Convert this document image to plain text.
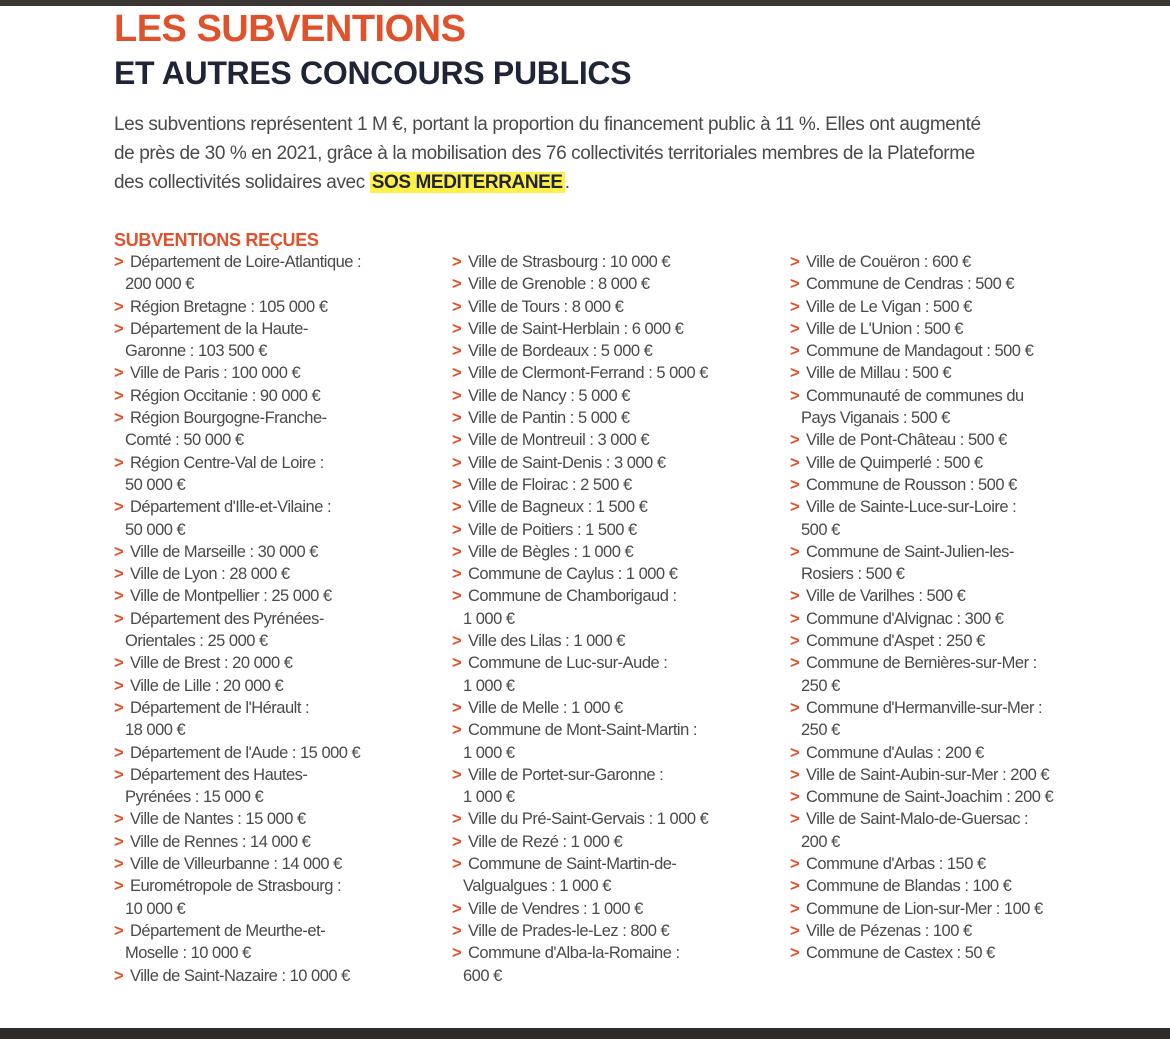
LES SUBVENTIONS
ET AUTRES CONCOURS PUBLICS
Les subventions représentent 1 M €, portant la proportion du financement public à 11 %. Elles ont augmenté
de près de 30 % en 2021, grâce à la mobilisation des 76 collectivités territoriales membres de la Plateforme
des collectivités solidaires avec SOS MEDITERRANEE .
SUBVENTIONS REÇUES
> Département de Loire-Atlantique :
200 000 €
> Région Bretagne : 105 000 €
> Département de la Haute-
Garonne : 103 500 €
> Ville de Paris : 100 000 €
> Région Occitanie : 90 000 €
> Région Bourgogne-Franche-
Comté : 50 000 €
> Région Centre-Val de Loire :
50 000 €
> Département d'Ille-et-Vilaine :
50 000 €
> Ville de Marseille : 30 000 €
> Ville de Lyon : 28 000 €
> Ville de Montpellier : 25 000 €
> Département des Pyrénées-
Orientales : 25 000 €
> Ville de Brest : 20 000 €
> Ville de Lille : 20 000 €
> Département de l'Hérault :
18 000 €
> Département de l'Aude : 15 000 €
> Département des Hautes-
Pyrénées : 15 000 €
> Ville de Nantes : 15 000 €
> Ville de Rennes : 14 000 €
> Ville de Villeurbanne : 14 000 €
> Eurométropole de Strasbourg :
10 000 €
> Département de Meurthe-et-
Moselle : 10 000 €
> Ville de Saint-Nazaire : 10 000 €
> Ville de Strasbourg : 10 000 €
> Ville de Grenoble : 8 000 €
> Ville de Tours : 8 000 €
> Ville de Saint-Herblain : 6 000 €
> Ville de Bordeaux : 5 000 €
> Ville de Clermont-Ferrand : 5 000 €
> Ville de Nancy : 5 000 €
> Ville de Pantin : 5 000 €
> Ville de Montreuil : 3 000 €
> Ville de Saint-Denis : 3 000 €
> Ville de Floirac : 2 500 €
> Ville de Bagneux : 1 500 €
> Ville de Poitiers : 1 500 €
> Ville de Bègles : 1 000 €
> Commune de Caylus : 1 000 €
> Commune de Chamborigaud :
1 000 €
> Ville des Lilas : 1 000 €
> Commune de Luc-sur-Aude :
1 000 €
> Ville de Melle : 1 000 €
> Commune de Mont-Saint-Martin :
1 000 €
> Ville de Portet-sur-Garonne :
1 000 €
> Ville du Pré-Saint-Gervais : 1 000 €
> Ville de Rezé : 1 000 €
> Commune de Saint-Martin-de-
Valgualgues : 1 000 €
> Ville de Vendres : 1 000 €
> Ville de Prades-le-Lez : 800 €
> Commune d'Alba-la-Romaine :
600 €
> Ville de Couëron : 600 €
> Commune de Cendras : 500 €
> Ville de Le Vigan : 500 €
> Ville de L'Union : 500 €
> Commune de Mandagout : 500 €
> Ville de Millau : 500 €
> Communauté de communes du
Pays Viganais : 500 €
> Ville de Pont-Château : 500 €
> Ville de Quimperlé : 500 €
> Commune de Rousson : 500 €
> Ville de Sainte-Luce-sur-Loire :
500 €
> Commune de Saint-Julien-les-
Rosiers : 500 €
> Ville de Varilhes : 500 €
> Commune d'Alvignac : 300 €
> Commune d'Aspet : 250 €
> Commune de Bernières-sur-Mer :
250 €
> Commune d'Hermanville-sur-Mer :
250 €
> Commune d'Aulas : 200 €
> Ville de Saint-Aubin-sur-Mer : 200 €
> Commune de Saint-Joachim : 200 €
> Ville de Saint-Malo-de-Guersac :
200 €
> Commune d'Arbas : 150 €
> Commune de Blandas : 100 €
> Commune de Lion-sur-Mer : 100 €
> Ville de Pézenas : 100 €
> Commune de Castex : 50 €
